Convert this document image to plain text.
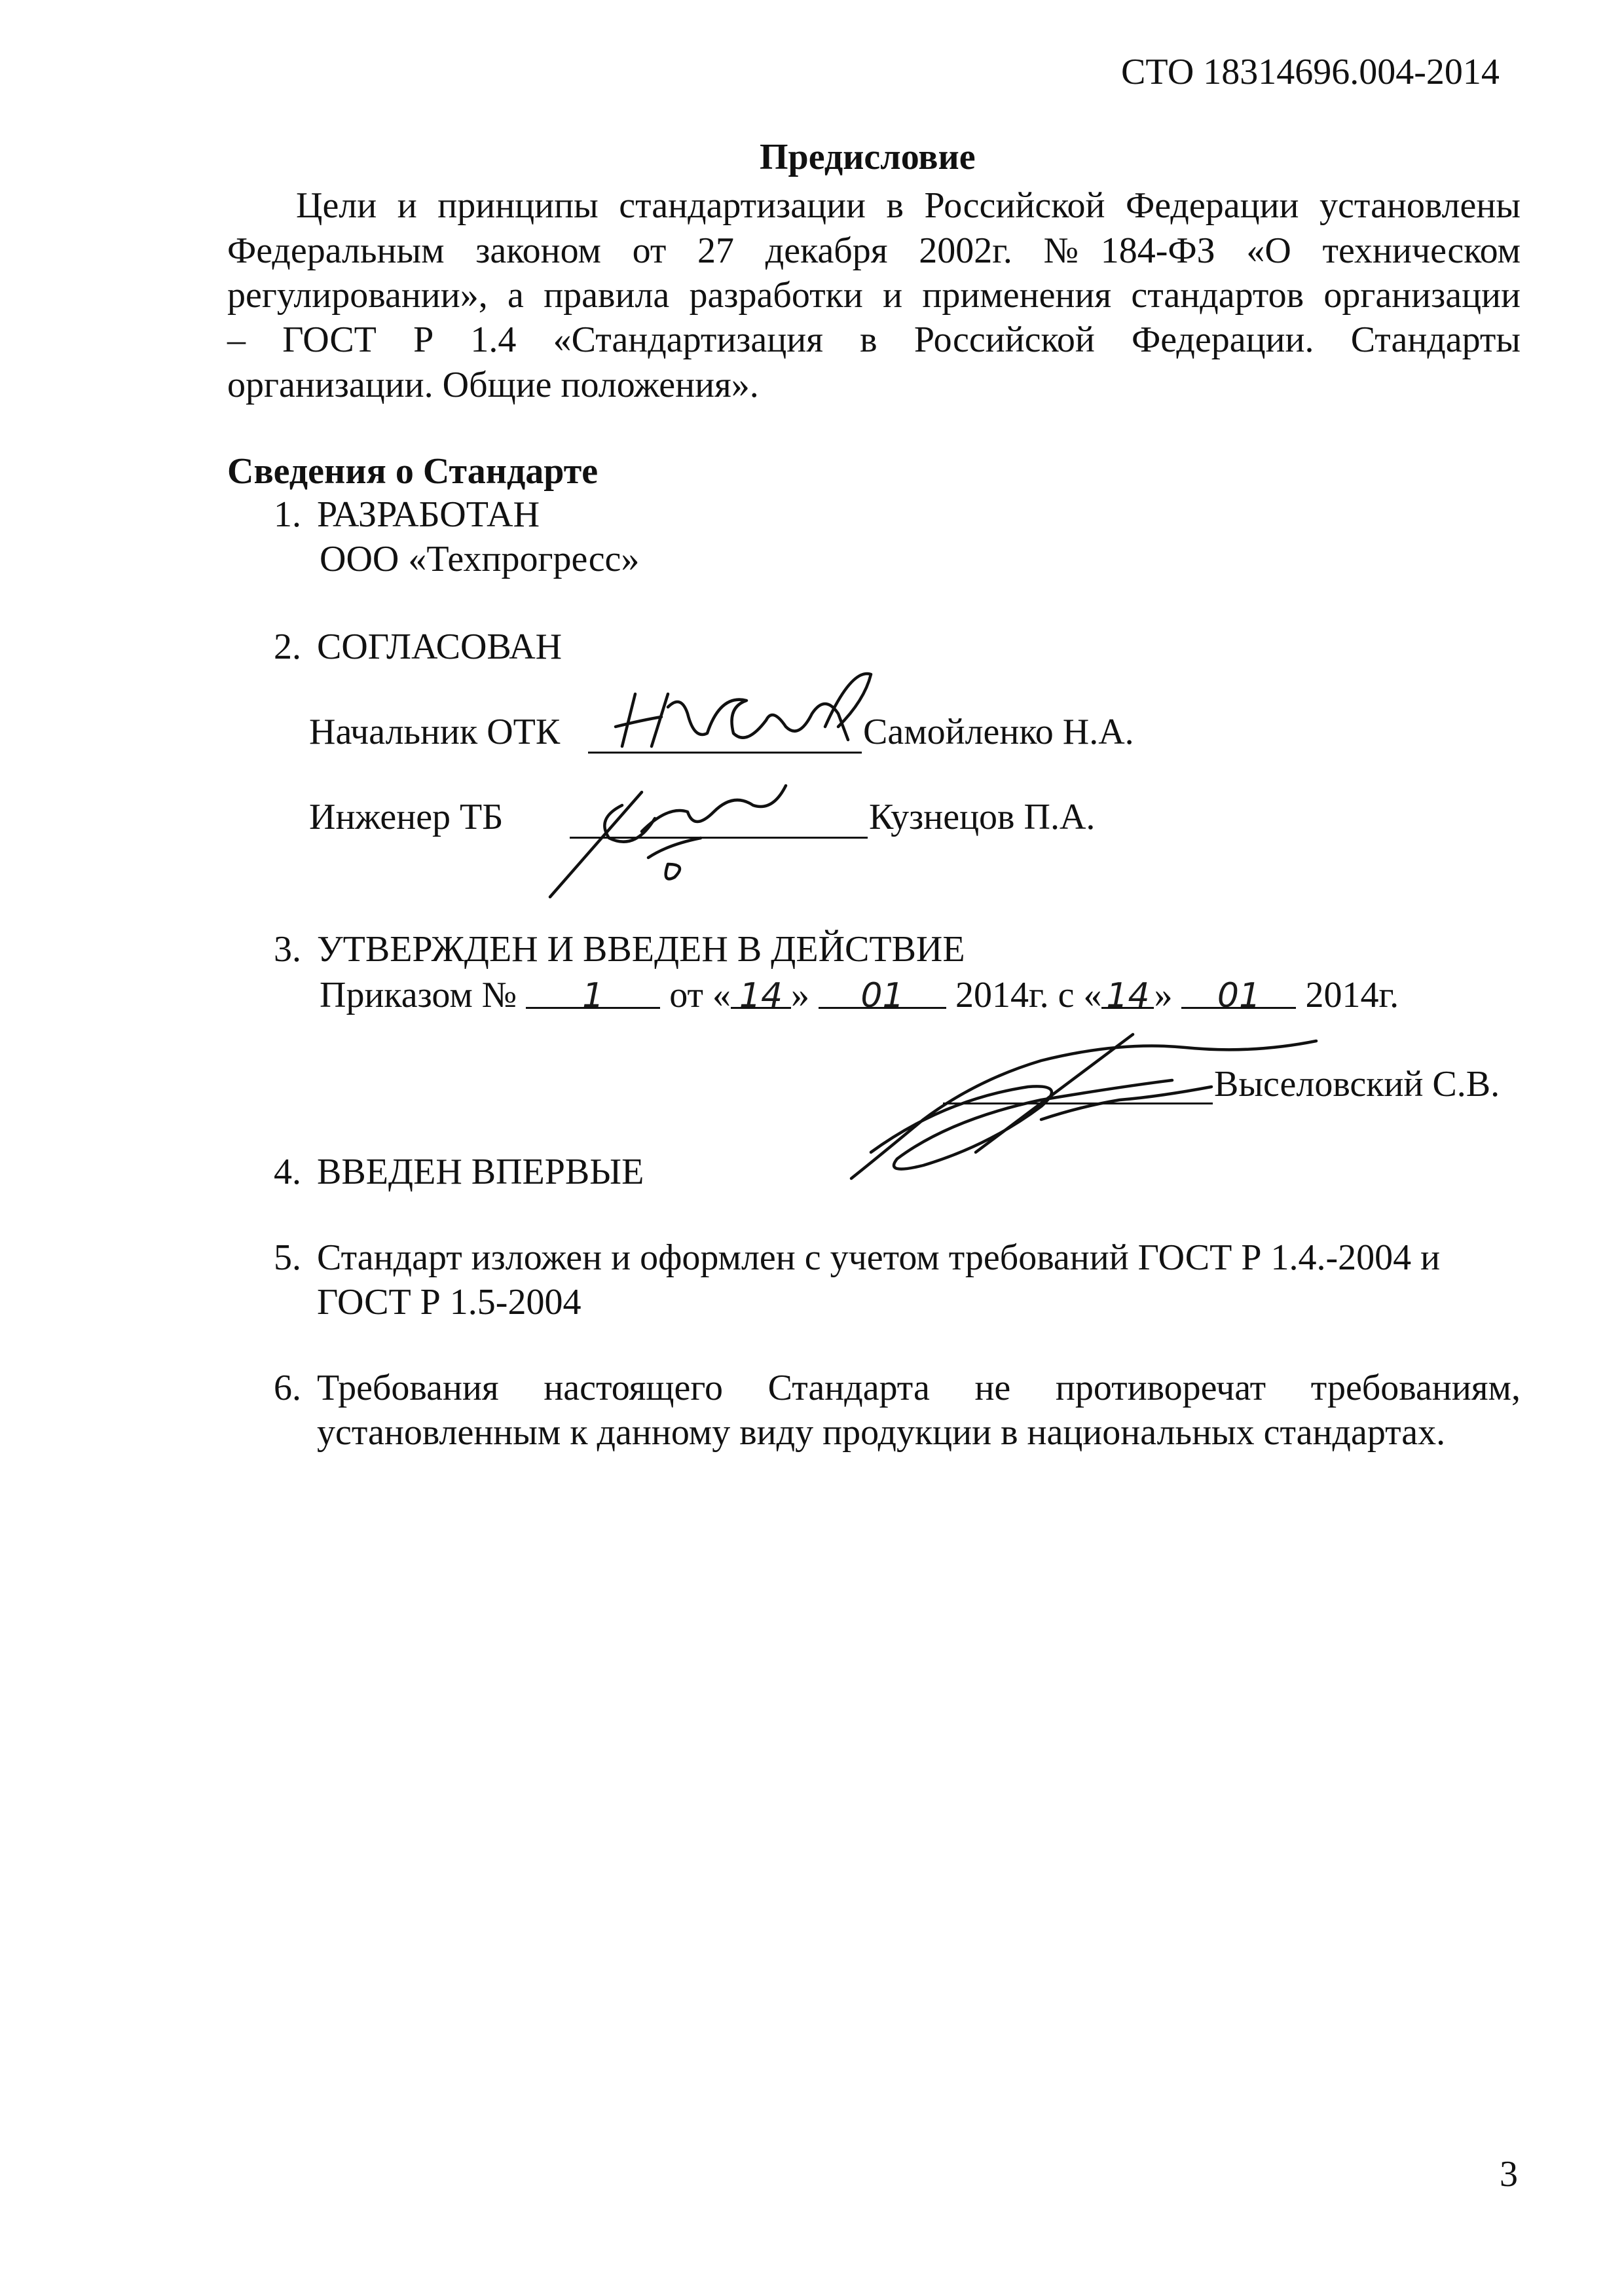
СТО 18314696.004-2014
Предисловие
Цели и принципы стандартизации в Российской Федерации установлены
Федеральным законом от 27 декабря 2002г. №184-ФЗ «О техническом
регулировании», а правила разработки и применения стандартов организации
– ГОСТ Р 1.4 «Стандартизация в Российской Федерации. Стандарты
организации. Общие положения».
Сведения о Стандарте
1. РАЗРАБОТАН
ООО «Техпрогресс»
2. СОГЛАСОВАН
Начальник ОТК	Самойленко Н.А.
Инженер ТБ	Кузнецов П.А.
3. УТВЕРЖДЕН И ВВЕДЕН В ДЕЙСТВИЕ
Приказом № 1 от « 14 » 01 2014г. с « 14 » 01 2014г.
Выселовский С.В.
4. ВВЕДЕН ВПЕРВЫЕ
5. Стандарт изложен и оформлен с учетом требований ГОСТ Р 1.4.-2004 и
ГОСТ Р 1.5-2004
6. Требования настоящего Стандарта не противоречат требованиям,
установленным к данному виду продукции в национальных стандартах.
3
